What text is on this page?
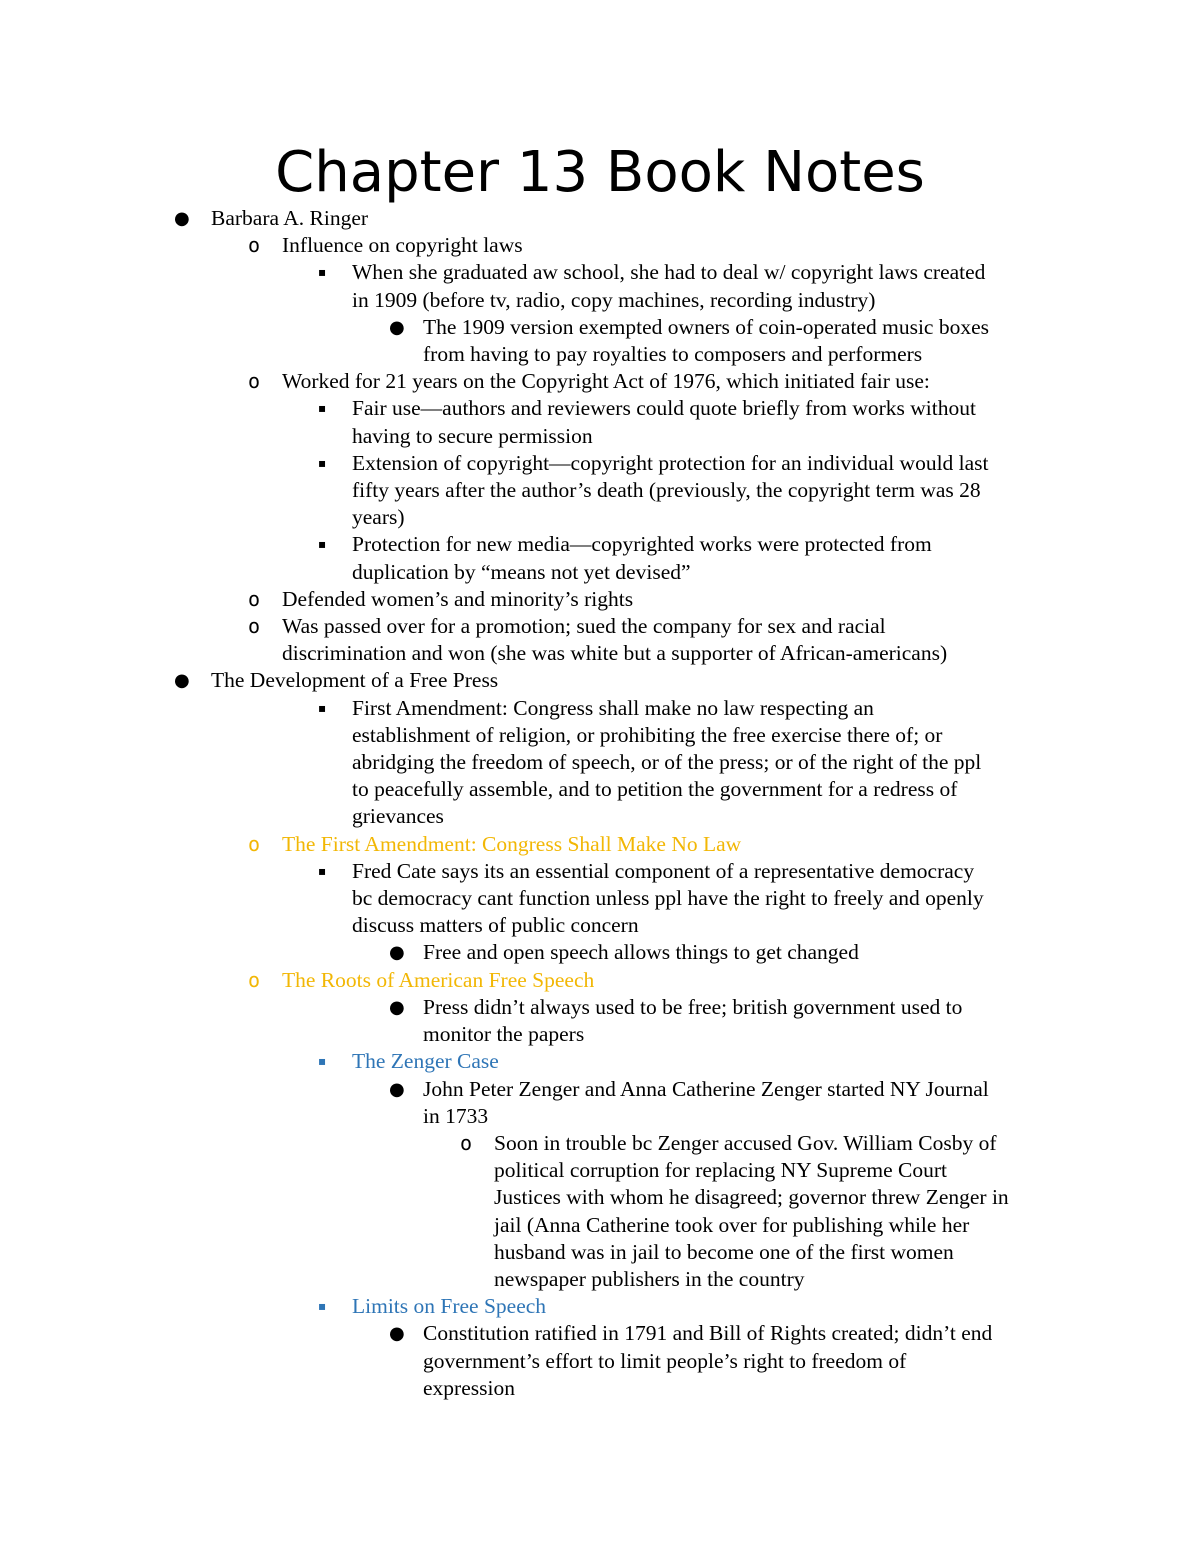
Chapter 13 Book Notes
● Barbara A. Ringer
o	Influence on copyright laws
▪	When she graduated aw school, she had to deal w/ copyright laws created
in 1909 (before tv, radio, copy machines, recording industry)
● The 1909 version exempted owners of coin-operated music boxes
from having to pay royalties to composers and performers
o	Worked for 21 years on the Copyright Act of 1976, which initiated fair use:
▪	Fair use—authors and reviewers could quote briefly from works without
having to secure permission
▪	Extension of copyright—copyright protection for an individual would last
fifty years after the author’s death (previously, the copyright term was 28
years)
▪	Protection for new media—copyrighted works were protected from
duplication by “means not yet devised”
o	Defended women’s and minority’s rights
o	Was passed over for a promotion; sued the company for sex and racial
discrimination and won (she was white but a supporter of African-americans)
● The Development of a Free Press
▪	First Amendment: Congress shall make no law respecting an
establishment of religion, or prohibiting the free exercise there of; or
abridging the freedom of speech, or of the press; or of the right of the ppl
to peacefully assemble, and to petition the government for a redress of
grievances
o	The First Amendment: Congress Shall Make No Law
▪	Fred Cate says its an essential component of a representative democracy
bc democracy cant function unless ppl have the right to freely and openly
discuss matters of public concern
● Free and open speech allows things to get changed
o	The Roots of American Free Speech
● Press didn’t always used to be free; british government used to
monitor the papers
▪	The Zenger Case
● John Peter Zenger and Anna Catherine Zenger started NY Journal
in 1733
o	Soon in trouble bc Zenger accused Gov. William Cosby of
political corruption for replacing NY Supreme Court
Justices with whom he disagreed; governor threw Zenger in
jail (Anna Catherine took over for publishing while her
husband was in jail to become one of the first women
newspaper publishers in the country
▪	Limits on Free Speech
● Constitution ratified in 1791 and Bill of Rights created; didn’t end
government’s effort to limit people’s right to freedom of
expression
